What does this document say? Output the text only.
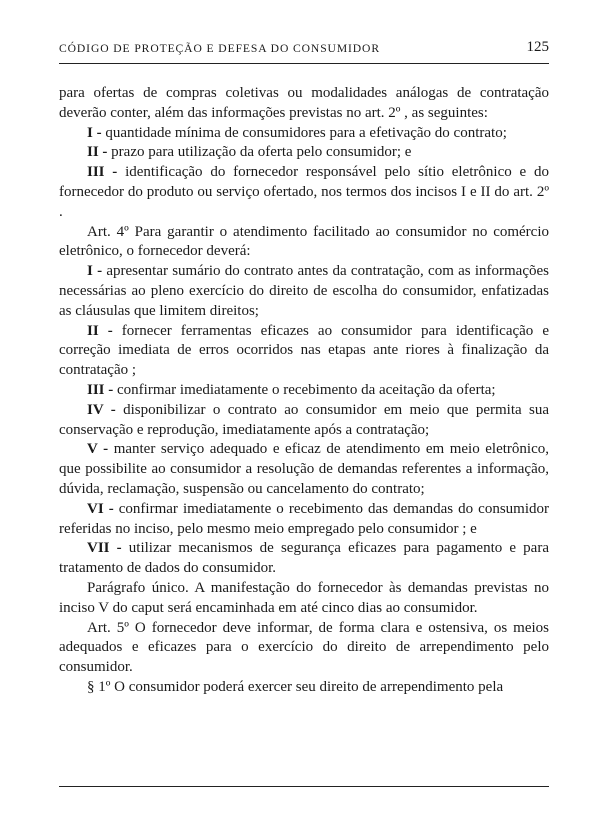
CÓDIGO DE PROTEÇÃO E DEFESA DO CONSUMIDOR	125

para ofertas de compras coletivas ou modalidades análogas de contratação deverão conter, além das informações previstas no art. 2º , as seguintes:

I - quantidade mínima de consumidores para a efetivação do contrato;

II - prazo para utilização da oferta pelo consumidor; e

III - identificação do fornecedor responsável pelo sítio eletrônico e do fornecedor do produto ou serviço ofertado, nos termos dos incisos I e II do art. 2º .

Art. 4º Para garantir o atendimento facilitado ao consumidor no comércio eletrônico, o fornecedor deverá:

I - apresentar sumário do contrato antes da contratação, com as informações necessárias ao pleno exercício do direito de escolha do consumidor, enfatizadas as cláusulas que limitem direitos;

II - fornecer ferramentas eficazes ao consumidor para identificação e correção imediata de erros ocorridos nas etapas ante riores à finalização da contratação ;

III - confirmar imediatamente o recebimento da aceitação da oferta;

IV - disponibilizar o contrato ao consumidor em meio que permita sua conservação e reprodução, imediatamente após a contratação;

V - manter serviço adequado e eficaz de atendimento em meio eletrônico, que possibilite ao consumidor a resolução de demandas referentes a informação, dúvida, reclamação, suspensão ou cancelamento do contrato;

VI - confirmar imediatamente o recebimento das demandas do consumidor referidas no inciso, pelo mesmo meio empregado pelo consumidor ; e

VII - utilizar mecanismos de segurança eficazes para pagamento e para tratamento de dados do consumidor.

Parágrafo único. A manifestação do fornecedor às demandas previstas no inciso V do caput será encaminhada em até cinco dias ao consumidor.

Art. 5º O fornecedor deve informar, de forma clara e ostensiva, os meios adequados e eficazes para o exercício do direito de arrependimento pelo consumidor.

§ 1º O consumidor poderá exercer seu direito de arrependimento pela
